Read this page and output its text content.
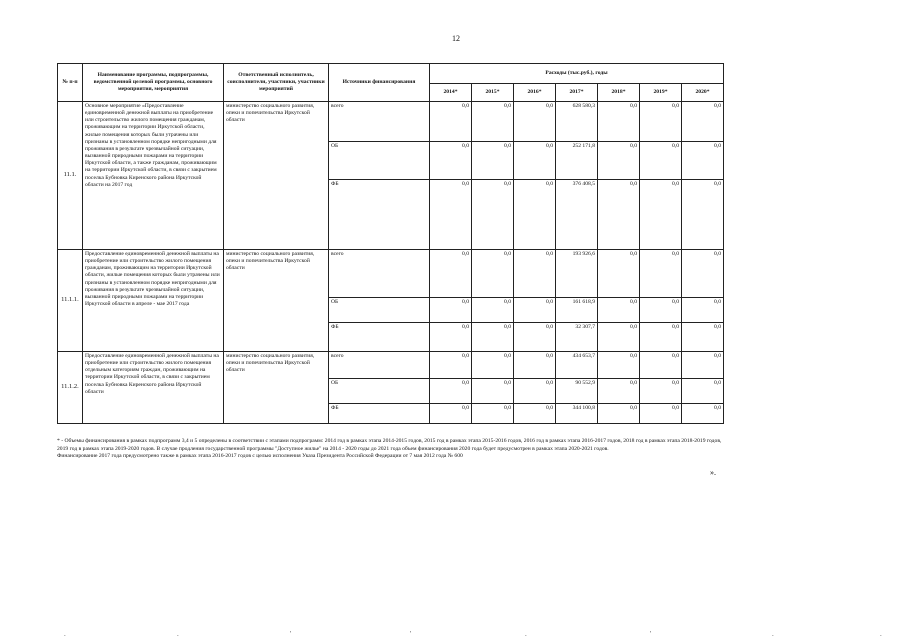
12
№ п-п	Наименование программы, подпрограммы, ведомственной целевой программы, основного мероприятия, мероприятия	Ответственный исполнитель, соисполнители, участники, участники мероприятий	Источники финансирования	Расходы (тыс.руб.), годы						
				2014*	2015*	2016*	2017*	2018*	2019*	2020*
11.1.	Основное мероприятие «Предоставление единовременной денежной выплаты на приобретение или строительство жилого помещения гражданам, проживающим на территории Иркутской области, жилые помещения которых были утрачены или признаны в установленном порядке непригодными для проживания в результате чрезвычайной ситуации, вызванной природными пожарами на территории Иркутской области, а также гражданам, проживающим на территории Иркутской области, в связи с закрытием поселка Бубновка Киренского района Иркутской области на 2017 год	министерство социального развития, опеки и попечительства Иркутской области	всего	0,0	0,0	0,0	628 580,3	0,0	0,0	0,0
			ОБ	0,0	0,0	0,0	252 171,8	0,0	0,0	0,0
			ФБ	0,0	0,0	0,0	376 408,5	0,0	0,0	0,0
11.1.1.	Предоставление единовременной денежной выплаты на приобретение или строительство жилого помещения гражданам, проживающим на территории Иркутской области, жилые помещения которых были утрачены или признаны в установленном порядке непригодными для проживания в результате чрезвычайной ситуации, вызванной природными пожарами на территории Иркутской области в апреле - мае 2017 года	министерство социального развития, опеки и попечительства Иркутской области	всего	0,0	0,0	0,0	193 926,6	0,0	0,0	0,0
			ОБ	0,0	0,0	0,0	161 618,9	0,0	0,0	0,0
			ФБ	0,0	0,0	0,0	32 307,7	0,0	0,0	0,0
11.1.2.	Предоставление единовременной денежной выплаты на приобретение или строительство жилого помещения отдельным категориям граждан, проживающим на территории Иркутской области, в связи с закрытием поселка Бубновка Киренского района Иркутской области	министерство социального развития, опеки и попечительства Иркутской области	всего	0,0	0,0	0,0	434 653,7	0,0	0,0	0,0
			ОБ	0,0	0,0	0,0	90 552,9	0,0	0,0	0,0
			ФБ	0,0	0,0	0,0	344 100,8	0,0	0,0	0,0

* - Объемы финансирования в рамках подпрограмм 3,4 и 5 определены в соответствии с этапами подпрограмм: 2014 год в рамках этапа 2014-2015 годов, 2015 год в рамках этапа 2015-2016 годов, 2016 год в рамках этапа 2016-2017 годов, 2018 год в рамках этапа 2018-2019 годов, 2019 год в рамках этапа 2019-2020 годов. В случае продления государственной программы "Доступное жилье" на 2014 - 2020 годы до 2021 года объем финансирования 2020 года будет предусмотрен в рамках этапа 2020-2021 годов.

Финансирование 2017 года предусмотрено также в рамках этапа 2016-2017 годов с целью исполнения Указа Президента Российской Федерации от 7 мая 2012 года № 600

».
.	.	'	'	.	'	.	.
